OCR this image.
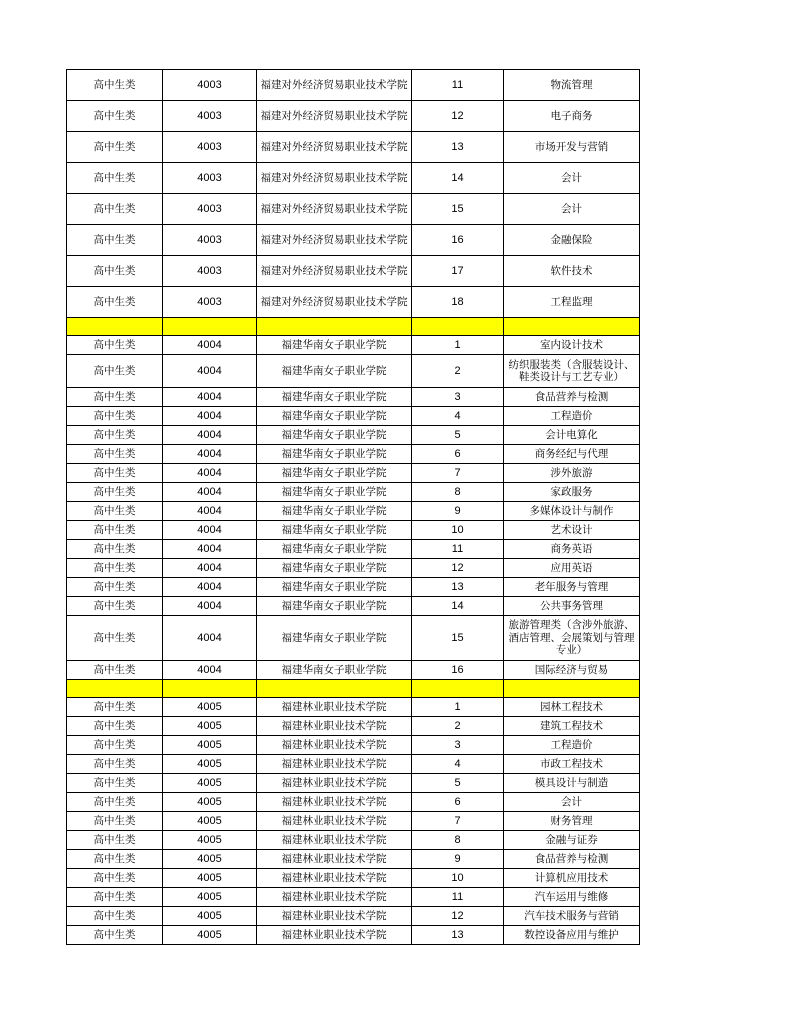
高中生类	4003	福建对外经济贸易职业技术学院	11	物流管理
高中生类	4003	福建对外经济贸易职业技术学院	12	电子商务
高中生类	4003	福建对外经济贸易职业技术学院	13	市场开发与营销
高中生类	4003	福建对外经济贸易职业技术学院	14	会计
高中生类	4003	福建对外经济贸易职业技术学院	15	会计
高中生类	4003	福建对外经济贸易职业技术学院	16	金融保险
高中生类	4003	福建对外经济贸易职业技术学院	17	软件技术
高中生类	4003	福建对外经济贸易职业技术学院	18	工程监理

高中生类	4004	福建华南女子职业学院	1	室内设计技术
高中生类	4004	福建华南女子职业学院	2	纺织服装类（含服装设计、鞋类设计与工艺专业）
高中生类	4004	福建华南女子职业学院	3	食品营养与检测
高中生类	4004	福建华南女子职业学院	4	工程造价
高中生类	4004	福建华南女子职业学院	5	会计电算化
高中生类	4004	福建华南女子职业学院	6	商务经纪与代理
高中生类	4004	福建华南女子职业学院	7	涉外旅游
高中生类	4004	福建华南女子职业学院	8	家政服务
高中生类	4004	福建华南女子职业学院	9	多媒体设计与制作
高中生类	4004	福建华南女子职业学院	10	艺术设计
高中生类	4004	福建华南女子职业学院	11	商务英语
高中生类	4004	福建华南女子职业学院	12	应用英语
高中生类	4004	福建华南女子职业学院	13	老年服务与管理
高中生类	4004	福建华南女子职业学院	14	公共事务管理
高中生类	4004	福建华南女子职业学院	15	旅游管理类（含涉外旅游、酒店管理、会展策划与管理专业）
高中生类	4004	福建华南女子职业学院	16	国际经济与贸易

高中生类	4005	福建林业职业技术学院	1	园林工程技术
高中生类	4005	福建林业职业技术学院	2	建筑工程技术
高中生类	4005	福建林业职业技术学院	3	工程造价
高中生类	4005	福建林业职业技术学院	4	市政工程技术
高中生类	4005	福建林业职业技术学院	5	模具设计与制造
高中生类	4005	福建林业职业技术学院	6	会计
高中生类	4005	福建林业职业技术学院	7	财务管理
高中生类	4005	福建林业职业技术学院	8	金融与证券
高中生类	4005	福建林业职业技术学院	9	食品营养与检测
高中生类	4005	福建林业职业技术学院	10	计算机应用技术
高中生类	4005	福建林业职业技术学院	11	汽车运用与维修
高中生类	4005	福建林业职业技术学院	12	汽车技术服务与营销
高中生类	4005	福建林业职业技术学院	13	数控设备应用与维护
